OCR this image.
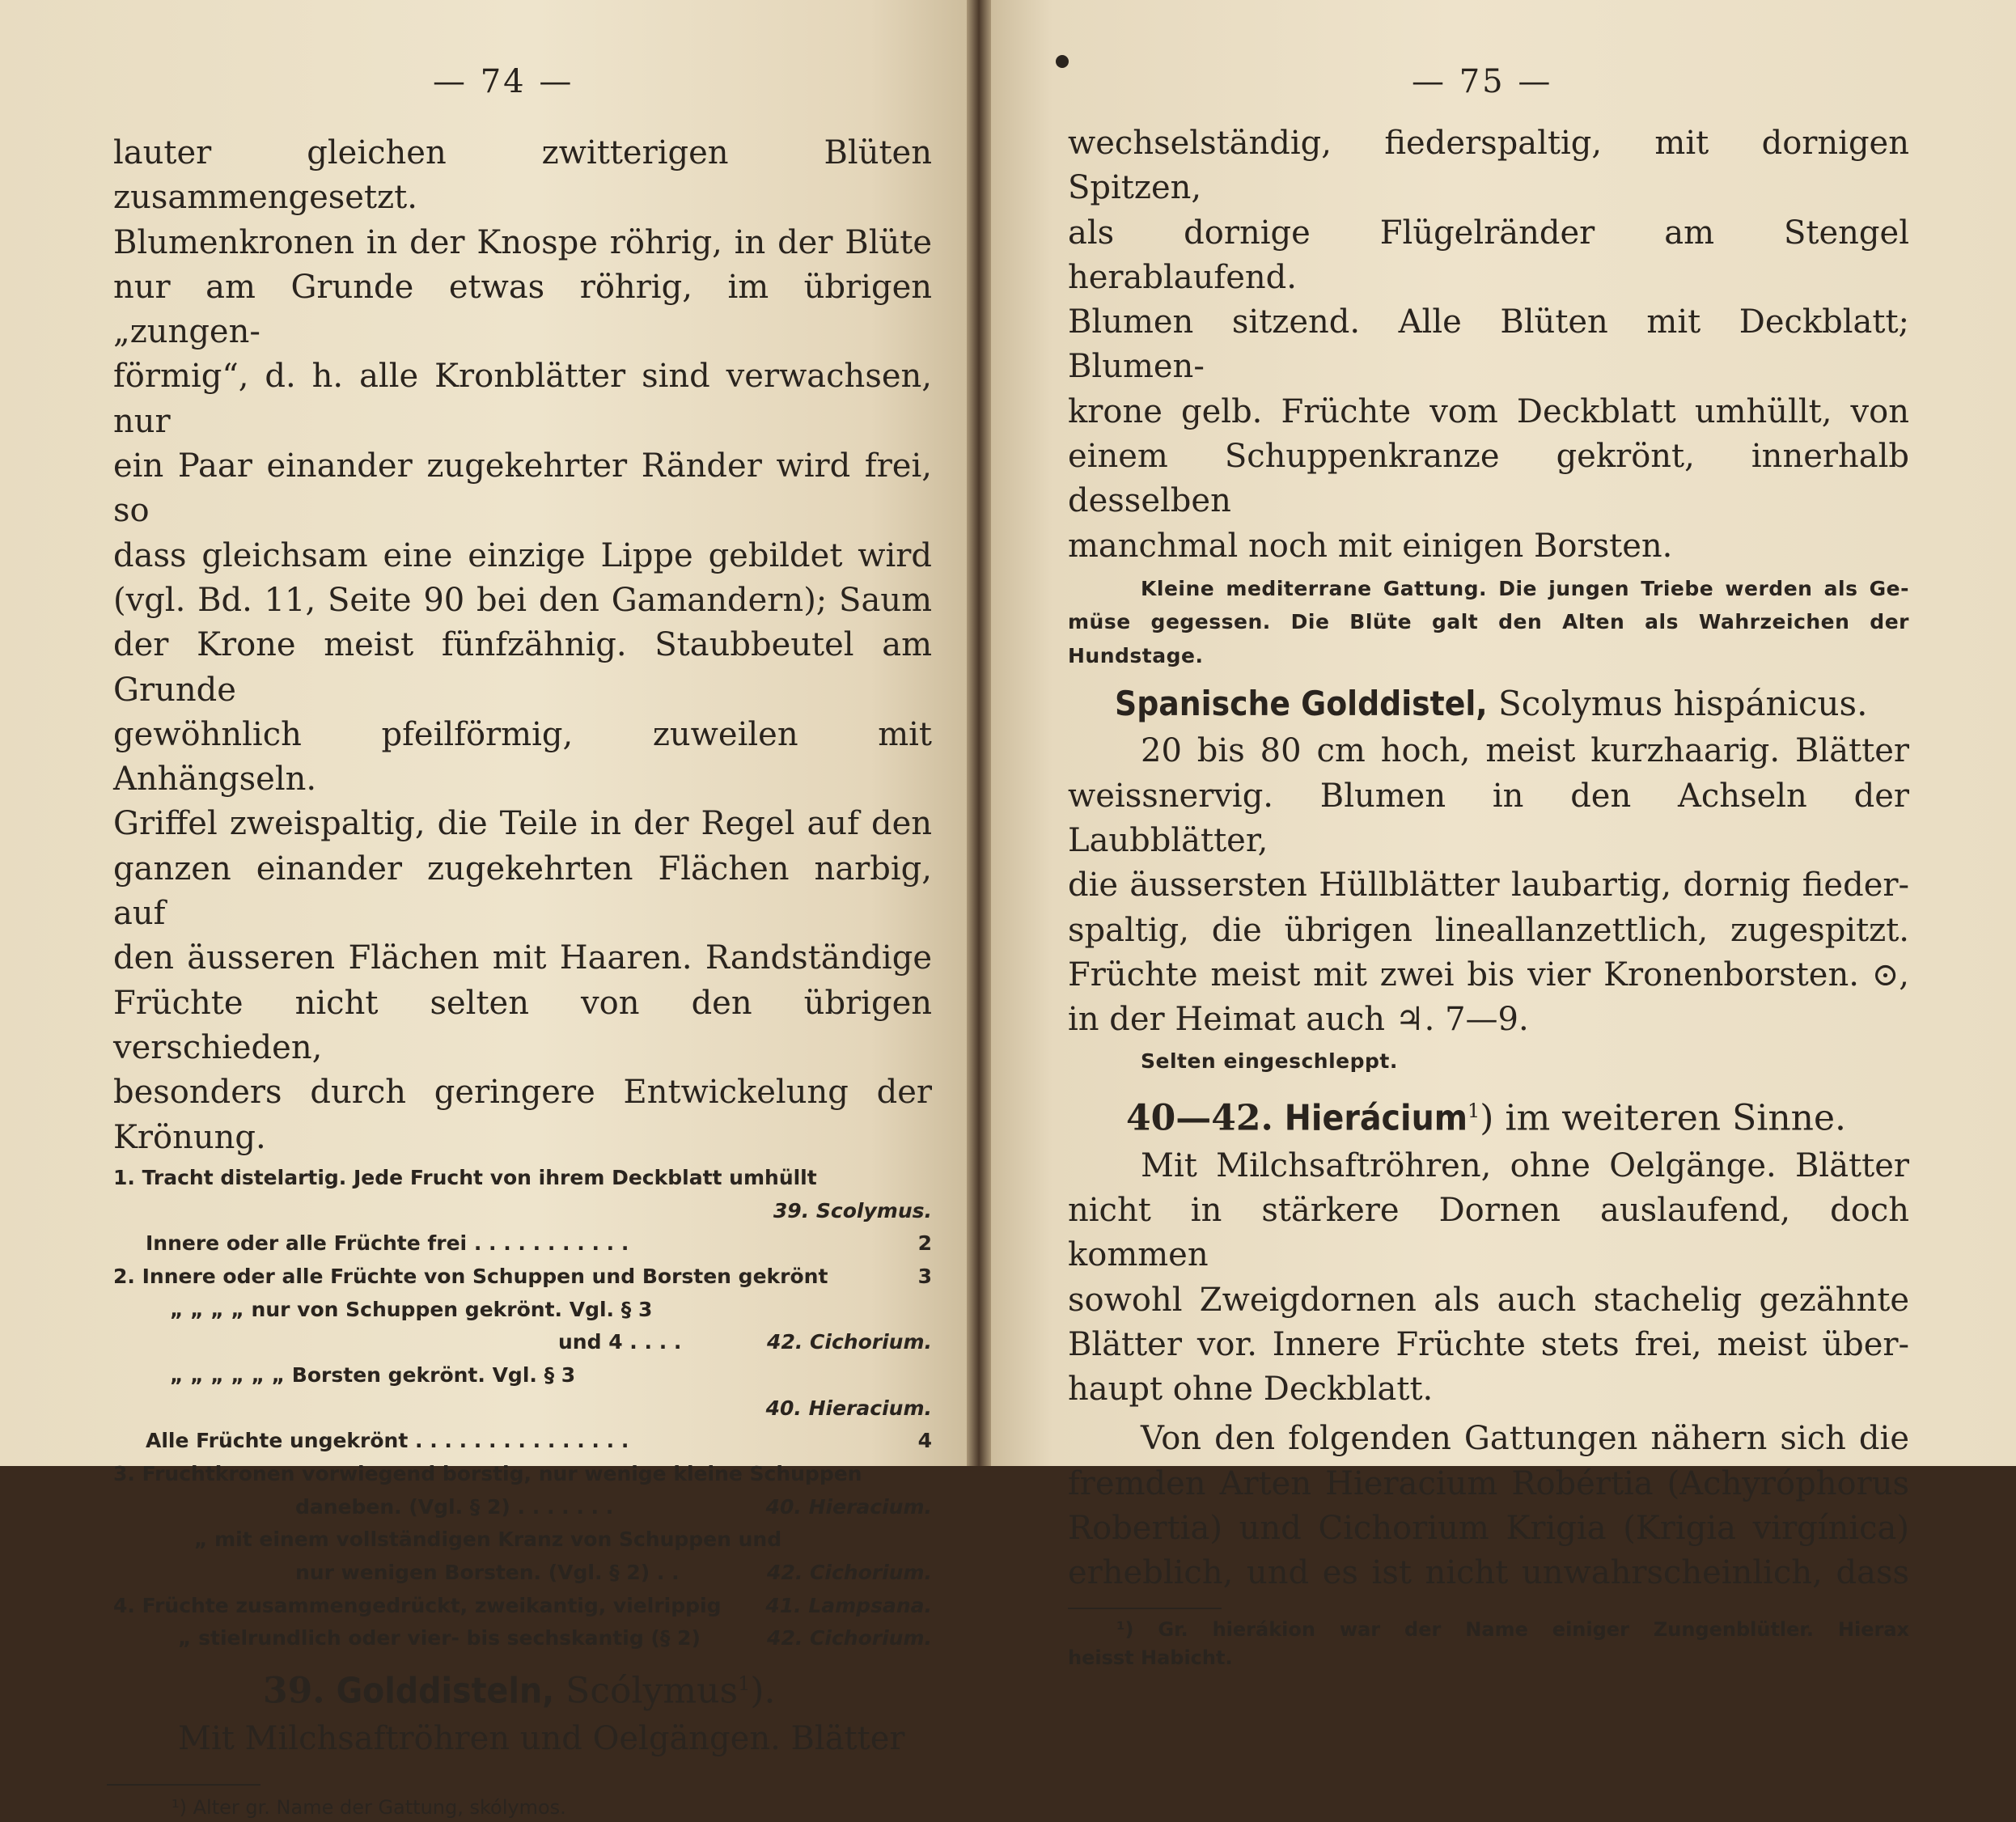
— 74 —

lauter gleichen zwitterigen Blüten zusammengesetzt.

Blumenkronen in der Knospe röhrig, in der Blüte

nur am Grunde etwas röhrig, im übrigen „zungen-

förmig“, d. h. alle Kronblätter sind verwachsen, nur

ein Paar einander zugekehrter Ränder wird frei, so

dass gleichsam eine einzige Lippe gebildet wird

(vgl. Bd. 11, Seite 90 bei den Gamandern); Saum

der Krone meist fünfzähnig. Staubbeutel am Grunde

gewöhnlich pfeilförmig, zuweilen mit Anhängseln.

Griffel zweispaltig, die Teile in der Regel auf den

ganzen einander zugekehrten Flächen narbig, auf

den äusseren Flächen mit Haaren. Randständige

Früchte nicht selten von den übrigen verschieden,

besonders durch geringere Entwickelung der Krönung.

1. Tracht distelartig. Jede Frucht von ihrem Deckblatt umhüllt
39. Scolymus.
Innere oder alle Früchte frei . . . . . . . . . . .	2
2. Innere oder alle Früchte von Schuppen und Borsten gekrönt	3
„ „ „ „ nur von Schuppen gekrönt. Vgl. § 3
und 4 . . . .	42. Cichorium.
„ „ „ „ „ „ Borsten gekrönt. Vgl. § 3
40. Hieracium.
Alle Früchte ungekrönt . . . . . . . . . . . . . . .	4
3. Fruchtkronen vorwiegend borstig, nur wenige kleine Schuppen
daneben. (Vgl. § 2) . . . . . . .	40. Hieracium.
„ mit einem vollständigen Kranz von Schuppen und
nur wenigen Borsten. (Vgl. § 2) . .	42. Cichorium.
4. Früchte zusammengedrückt, zweikantig, vielrippig 41. Lampsana.
„ stielrundlich oder vier- bis sechskantig (§ 2)	42. Cichorium.

39. Golddisteln, Scólymus$^1$).

Mit Milchsaftröhren und Oelgängen. Blätter

¹) Alter gr. Name der Gattung, skólymos.

— 75 —

wechselständig, fiederspaltig, mit dornigen Spitzen,

als dornige Flügelränder am Stengel herablaufend.

Blumen sitzend. Alle Blüten mit Deckblatt; Blumen-

krone gelb. Früchte vom Deckblatt umhüllt, von

einem Schuppenkranze gekrönt, innerhalb desselben

manchmal noch mit einigen Borsten.

Kleine mediterrane Gattung. Die jungen Triebe werden als Ge-

müse gegessen. Die Blüte galt den Alten als Wahrzeichen der

Hundstage.

Spanische Golddistel, Scolymus hispánicus.

20 bis 80 cm hoch, meist kurzhaarig. Blätter

weissnervig. Blumen in den Achseln der Laubblätter,

die äussersten Hüllblätter laubartig, dornig fieder-

spaltig, die übrigen lineallanzettlich, zugespitzt.

Früchte meist mit zwei bis vier Kronenborsten. ⊙,

in der Heimat auch ♃. 7—9.

Selten eingeschleppt.

40—42. Hierácium$^1$) im weiteren Sinne.

Mit Milchsaftröhren, ohne Oelgänge. Blätter

nicht in stärkere Dornen auslaufend, doch kommen

sowohl Zweigdornen als auch stachelig gezähnte

Blätter vor. Innere Früchte stets frei, meist über-

haupt ohne Deckblatt.

Von den folgenden Gattungen nähern sich die

fremden Arten Hieracium Robértia (Achyróphorus

Robertia) und Cichorium Krigia (Krigia virgínica)

erheblich, und es ist nicht unwahrscheinlich, dass

¹) Gr. hierákion war der Name einiger Zungenblütler. Hierax

heisst Habicht.
